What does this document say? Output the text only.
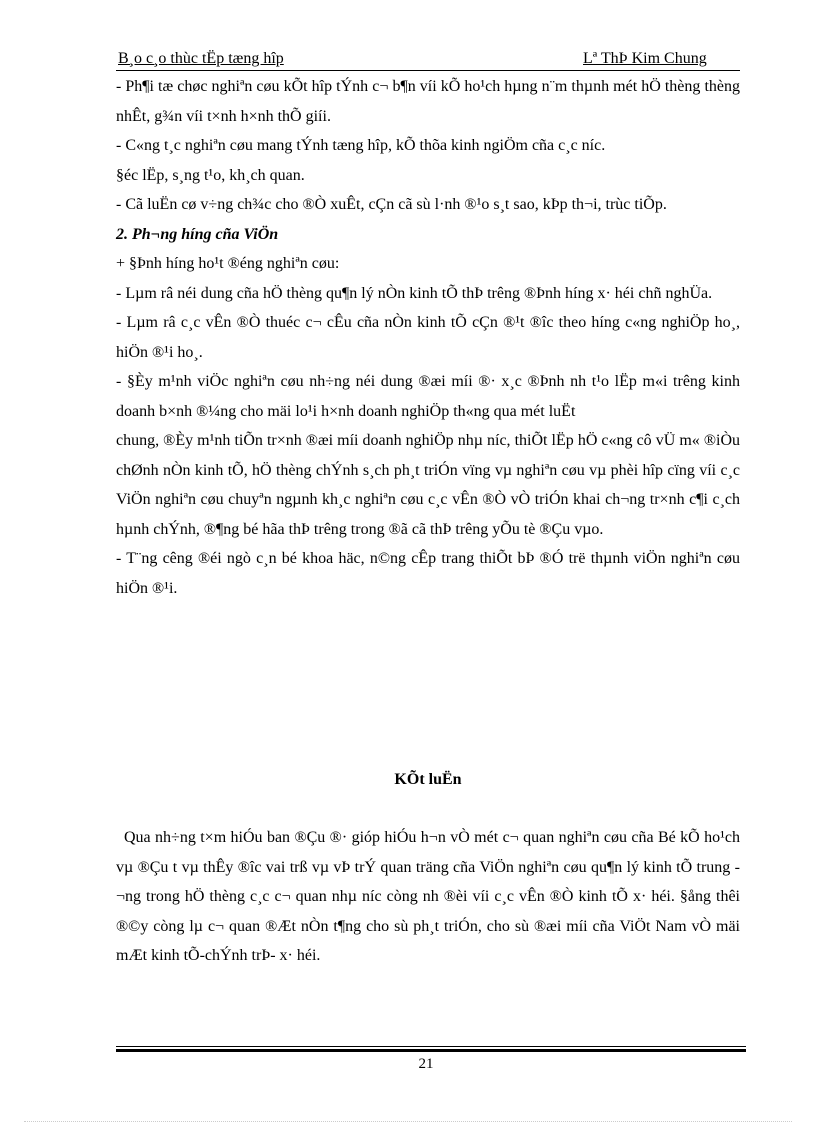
B¸o c¸o thùc tËp tæng hîp	Lª ThÞ Kim Chung

- Ph¶i tæ chøc nghiªn cøu kÕt hîp tÝnh c¬ b¶n víi kÕ ho¹ch hµng n¨m thµnh mét hÖ thèng thèng nhÊt, g¾n víi t×nh h×nh thÕ giíi.

- C«ng t¸c nghiªn cøu mang tÝnh tæng hîp, kÕ thõa kinh ngiÖm cña c¸c níc.

§éc lËp, s¸ng t¹o, kh¸ch quan.

- Cã luËn cø v÷ng ch¾c cho ®Ò xuÊt, cÇn cã sù l·nh ®¹o s¸t sao, kÞp th¬i, trùc tiÕp.

2. Ph¬ng híng cña ViÖn

+ §Þnh híng ho¹t ®éng nghiªn cøu:

- Lµm râ néi dung cña hÖ thèng qu¶n lý nÒn kinh tÕ thÞ trêng ®Þnh híng x· héi chñ nghÜa.

- Lµm râ c¸c vÊn ®Ò thuéc c¬ cÊu cña nÒn kinh tÕ cÇn ®¹t ®îc theo híng c«ng nghiÖp ho¸, hiÖn ®¹i ho¸.

- §Èy m¹nh viÖc nghiªn cøu nh÷ng néi dung ®æi míi ®· x¸c ®Þnh nh t¹o lËp m«i trêng kinh doanh b×nh ®¼ng cho mäi lo¹i h×nh doanh nghiÖp th«ng qua mét luËt

chung, ®Èy m¹nh tiÕn tr×nh ®æi míi doanh nghiÖp nhµ níc, thiÕt lËp hÖ c«ng cô vÜ m« ®iÒu chØnh nÒn kinh tÕ, hÖ thèng chÝnh s¸ch ph¸t triÓn vïng vµ nghiªn cøu vµ phèi hîp cïng víi c¸c ViÖn nghiªn cøu chuyªn ngµnh kh¸c nghiªn cøu c¸c vÊn ®Ò vÒ triÓn khai ch¬ng tr×nh c¶i c¸ch hµnh chÝnh, ®¶ng bé hãa thÞ trêng trong ®ã cã thÞ trêng yÕu tè ®Çu vµo.

- T¨ng cêng ®éi ngò c¸n bé khoa häc, n©ng cÊp trang thiÕt bÞ ®Ó trë thµnh viÖn nghiªn cøu hiÖn ®¹i.

KÕt luËn

Qua nh÷ng t×m hiÓu ban ®Çu ®· gióp hiÓu h¬n vÒ mét c¬ quan nghiªn cøu cña Bé kÕ ho¹ch vµ ®Çu t vµ thÊy ®îc vai trß vµ vÞ trÝ quan träng cña ViÖn nghiªn cøu qu¶n lý kinh tÕ trung ¬ng trong hÖ thèng c¸c c¬ quan nhµ níc còng nh ®èi víi c¸c vÊn ®Ò kinh tÕ x· héi. §ång thêi ®©y còng lµ c¬ quan ®Æt nÒn t¶ng cho sù ph¸t triÓn, cho sù ®æi míi cña ViÖt Nam vÒ mäi mÆt kinh tÕ-chÝnh trÞ- x· héi.

21
